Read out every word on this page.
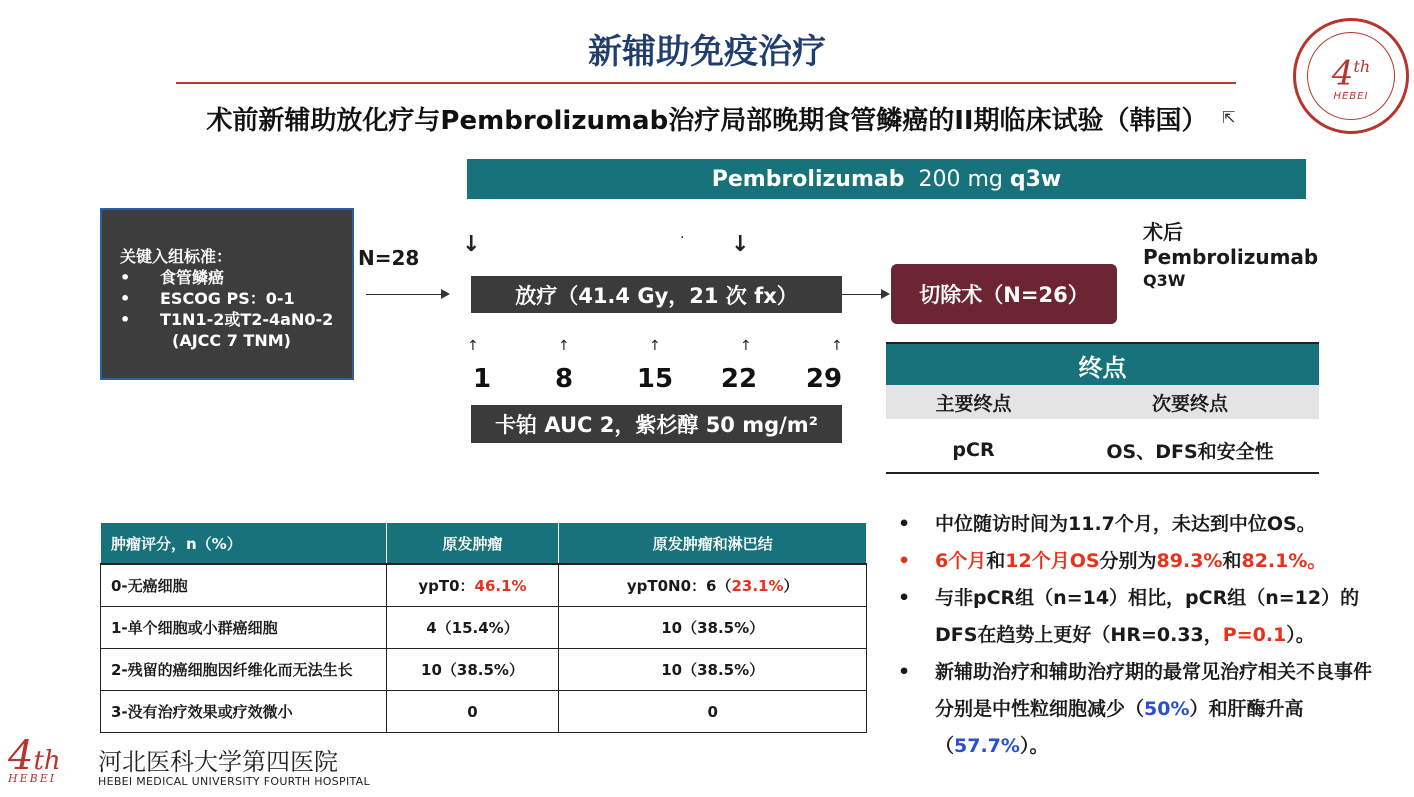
新辅助免疫治疗
术前新辅助放化疗与Pembrolizumab治疗局部晚期食管鳞癌的II期临床试验（韩国） ⇱
4th
HEBEI
Pembrolizumab
200 mg
q3w
关键入组标准：
•	食管鳞癌
•	ESCOG PS：0-1
•	T1N1-2或T2-4aN0-2
(AJCC 7 TNM)
N=28
↓	· ↓
放疗（41.4 Gy，21 次 fx）	切除术（N=26）
术后
Pembrolizumab
Q3W
↑	↑	↑	↑	↑
1	8	15 22 29
卡铂 AUC 2，紫杉醇 50 mg/m²
终点
主要终点	次要终点
pCR	OS、DFS和安全性
肿瘤评分，n（%）	原发肿瘤	原发肿瘤和淋巴结
0-无癌细胞	ypT0：46.1%	ypT0N0：6（23.1%）
1-单个细胞或小群癌细胞	4（15.4%）	10（38.5%）
2-残留的癌细胞因纤维化而无法生长	10（38.5%）	10（38.5%）
3-没有治疗效果或疗效微小	0	0
•	中位随访时间为11.7个月，未达到中位OS。
•	6个月和12个月OS分别为89.3%和82.1%。
•	与非pCR组（n=14）相比，pCR组（n=12）的DFS在趋势上更好（HR=0.33，P=0.1）。
•	新辅助治疗和辅助治疗期的最常见治疗相关不良事件分别是中性粒细胞减少（50%）和肝酶升高（57.7%）。
4th
HEBEI
河北医科大学第四医院
HEBEI MEDICAL UNIVERSITY FOURTH HOSPITAL
